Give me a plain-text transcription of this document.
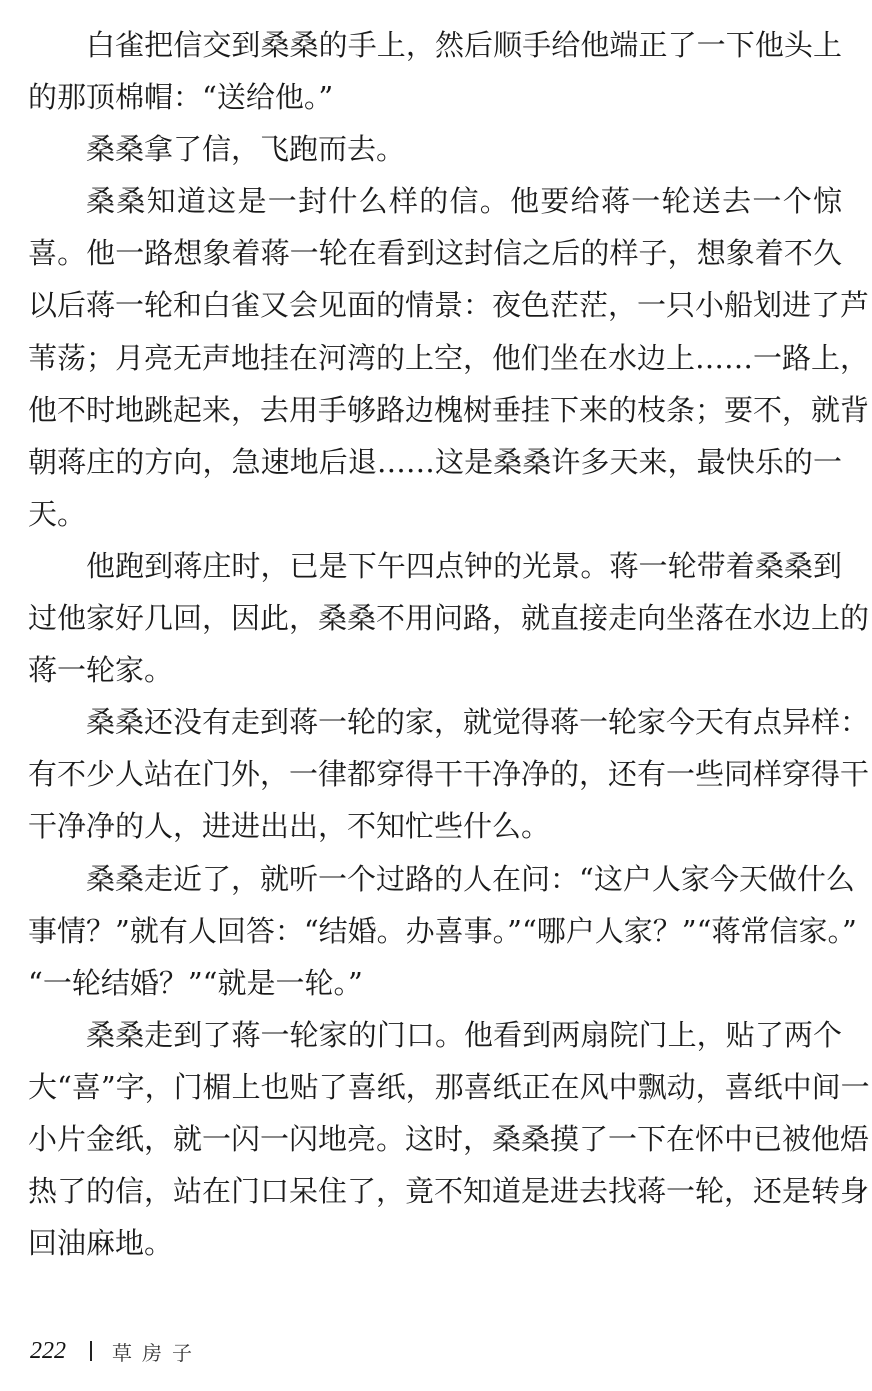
白雀把信交到桑桑的手上，然后顺手给他端正了一下他头上
的那顶棉帽：“送给他。”
桑桑拿了信，飞跑而去。
桑桑知道这是一封什么样的信。他要给蒋一轮送去一个惊
喜。他一路想象着蒋一轮在看到这封信之后的样子，想象着不久
以后蒋一轮和白雀又会见面的情景：夜色茫茫，一只小船划进了芦
苇荡；月亮无声地挂在河湾的上空，他们坐在水边上……一路上，
他不时地跳起来，去用手够路边槐树垂挂下来的枝条；要不，就背
朝蒋庄的方向，急速地后退……这是桑桑许多天来，最快乐的一
天。
他跑到蒋庄时，已是下午四点钟的光景。蒋一轮带着桑桑到
过他家好几回，因此，桑桑不用问路，就直接走向坐落在水边上的
蒋一轮家。
桑桑还没有走到蒋一轮的家，就觉得蒋一轮家今天有点异样：
有不少人站在门外，一律都穿得干干净净的，还有一些同样穿得干
干净净的人，进进出出，不知忙些什么。
桑桑走近了，就听一个过路的人在问：“这户人家今天做什么
事情？”就有人回答：“结婚。办喜事。”“哪户人家？”“蒋常信家。”
“一轮结婚？”“就是一轮。”
桑桑走到了蒋一轮家的门口。他看到两扇院门上，贴了两个
大“喜”字，门楣上也贴了喜纸，那喜纸正在风中飘动，喜纸中间一
小片金纸，就一闪一闪地亮。这时，桑桑摸了一下在怀中已被他焐
热了的信，站在门口呆住了，竟不知道是进去找蒋一轮，还是转身
回油麻地。
222 草房子
